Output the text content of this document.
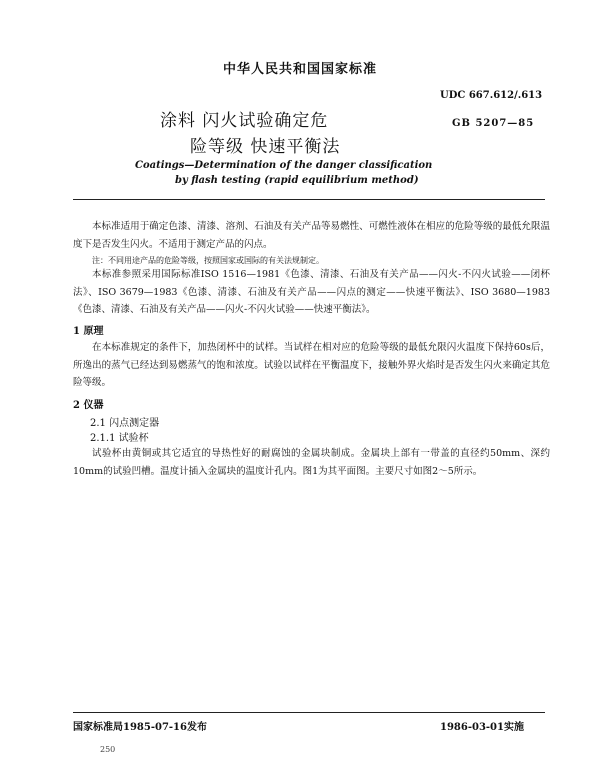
中华人民共和国国家标准
UDC 667.612/.613
GB 5207—85
涂料 闪火试验确定危
险等级 快速平衡法
Coatings—Determination of the danger classification
by flash testing (rapid equilibrium method)
本标准适用于确定色漆、清漆、溶剂、石油及有关产品等易燃性、可燃性液体在相应的危险等级的最低允限温度下是否发生闪火。不适用于测定产品的闪点。
注：不同用途产品的危险等级，按照国家或国际的有关法规制定。
本标准参照采用国际标准ISO 1516—1981《色漆、清漆、石油及有关产品——闪火-不闪火试验——闭杯法》、ISO 3679—1983《色漆、清漆、石油及有关产品——闪点的测定——快速平衡法》、ISO 3680—1983《色漆、清漆、石油及有关产品——闪火-不闪火试验——快速平衡法》。
1 原理
在本标准规定的条件下，加热闭杯中的试样。当试样在相对应的危险等级的最低允限闪火温度下保持60s后，所逸出的蒸气已经达到易燃蒸气的饱和浓度。试验以试样在平衡温度下，接触外界火焰时是否发生闪火来确定其危险等级。
2 仪器
2.1 闪点测定器
2.1.1 试验杯
试验杯由黄铜或其它适宜的导热性好的耐腐蚀的金属块制成。金属块上部有一带盖的直径约50mm、深约10mm的试验凹槽。温度计插入金属块的温度计孔内。图1为其平面图。主要尺寸如图2～5所示。
国家标准局1985-07-16发布	1986-03-01实施
250
